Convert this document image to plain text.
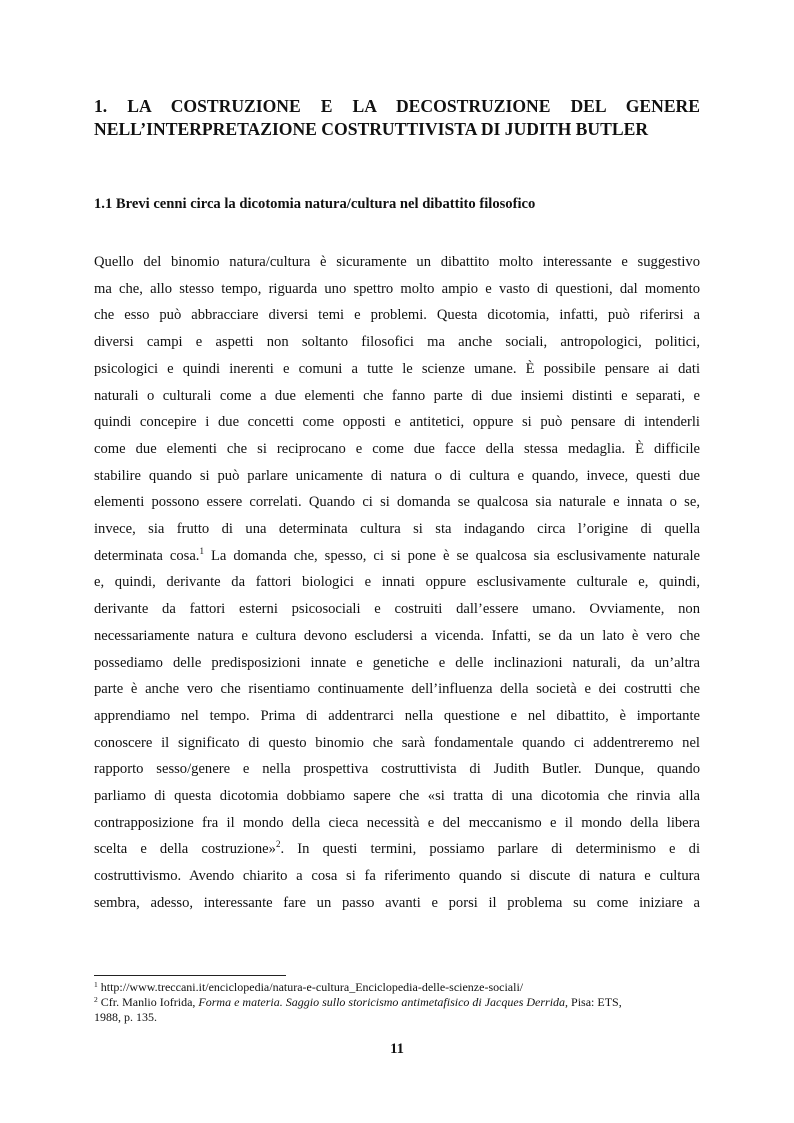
1. LA COSTRUZIONE E LA DECOSTRUZIONE DEL GENERE
NELL’INTERPRETAZIONE COSTRUTTIVISTA DI JUDITH BUTLER
1.1 Brevi cenni circa la dicotomia natura/cultura nel dibattito filosofico
Quello del binomio natura/cultura è sicuramente un dibattito molto interessante e suggestivo
ma che, allo stesso tempo, riguarda uno spettro molto ampio e vasto di questioni, dal momento
che esso può abbracciare diversi temi e problemi. Questa dicotomia, infatti, può riferirsi a
diversi campi e aspetti non soltanto filosofici ma anche sociali, antropologici, politici,
psicologici e quindi inerenti e comuni a tutte le scienze umane. È possibile pensare ai dati
naturali o culturali come a due elementi che fanno parte di due insiemi distinti e separati, e
quindi concepire i due concetti come opposti e antitetici, oppure si può pensare di intenderli
come due elementi che si reciprocano e come due facce della stessa medaglia. È difficile
stabilire quando si può parlare unicamente di natura o di cultura e quando, invece, questi due
elementi possono essere correlati. Quando ci si domanda se qualcosa sia naturale e innata o se,
invece, sia frutto di una determinata cultura si sta indagando circa l’origine di quella
determinata cosa.$^1$ La domanda che, spesso, ci si pone è se qualcosa sia esclusivamente naturale
e, quindi, derivante da fattori biologici e innati oppure esclusivamente culturale e, quindi,
derivante da fattori esterni psicosociali e costruiti dall’essere umano. Ovviamente, non
necessariamente natura e cultura devono escludersi a vicenda. Infatti, se da un lato è vero che
possediamo delle predisposizioni innate e genetiche e delle inclinazioni naturali, da un’altra
parte è anche vero che risentiamo continuamente dell’influenza della società e dei costrutti che
apprendiamo nel tempo. Prima di addentrarci nella questione e nel dibattito, è importante
conoscere il significato di questo binomio che sarà fondamentale quando ci addentreremo nel
rapporto sesso/genere e nella prospettiva costruttivista di Judith Butler. Dunque, quando
parliamo di questa dicotomia dobbiamo sapere che «si tratta di una dicotomia che rinvia alla
contrapposizione fra il mondo della cieca necessità e del meccanismo e il mondo della libera
scelta e della costruzione»$^2$. In questi termini, possiamo parlare di determinismo e di
costruttivismo. Avendo chiarito a cosa si fa riferimento quando si discute di natura e cultura
sembra, adesso, interessante fare un passo avanti e porsi il problema su come iniziare a
$^1$ http://www.treccani.it/enciclopedia/natura-e-cultura_Enciclopedia-delle-scienze-sociali/
$^2$ Cfr. Manlio Iofrida, Forma e materia. Saggio sullo storicismo antimetafisico di Jacques Derrida, Pisa: ETS,
1988, p. 135.
11
